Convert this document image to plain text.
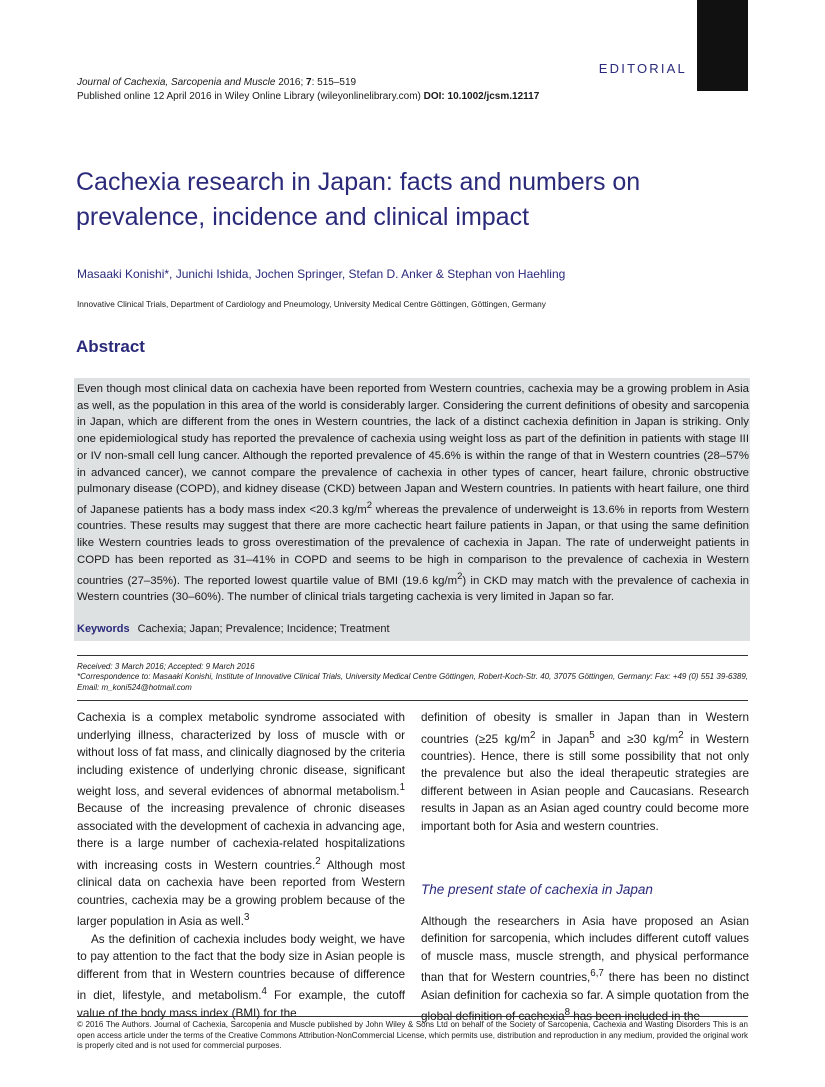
EDITORIAL
Journal of Cachexia, Sarcopenia and Muscle 2016; 7: 515–519
Published online 12 April 2016 in Wiley Online Library (wileyonlinelibrary.com) DOI: 10.1002/jcsm.12117
Cachexia research in Japan: facts and numbers on prevalence, incidence and clinical impact
Masaaki Konishi*, Junichi Ishida, Jochen Springer, Stefan D. Anker & Stephan von Haehling
Innovative Clinical Trials, Department of Cardiology and Pneumology, University Medical Centre Göttingen, Göttingen, Germany
Abstract

Even though most clinical data on cachexia have been reported from Western countries, cachexia may be a growing problem in Asia as well, as the population in this area of the world is considerably larger. Considering the current definitions of obesity and sarcopenia in Japan, which are different from the ones in Western countries, the lack of a distinct cachexia definition in Japan is striking. Only one epidemiological study has reported the prevalence of cachexia using weight loss as part of the definition in patients with stage III or IV non-small cell lung cancer. Although the reported prevalence of 45.6% is within the range of that in Western countries (28–57% in advanced cancer), we cannot compare the prevalence of cachexia in other types of cancer, heart failure, chronic obstructive pulmonary disease (COPD), and kidney disease (CKD) between Japan and Western countries. In patients with heart failure, one third of Japanese patients has a body mass index <20.3 $kg/m^2$ whereas the prevalence of underweight is 13.6% in reports from Western countries. These results may suggest that there are more cachectic heart failure patients in Japan, or that using the same definition like Western countries leads to gross overestimation of the prevalence of cachexia in Japan. The rate of underweight patients in COPD has been reported as 31–41% in COPD and seems to be high in comparison to the prevalence of cachexia in Western countries (27–35%). The reported lowest quartile value of BMI (19.6 $kg/m^2$) in CKD may match with the prevalence of cachexia in Western countries (30–60%). The number of clinical trials targeting cachexia is very limited in Japan so far.

Keywords Cachexia; Japan; Prevalence; Incidence; Treatment
Received: 3 March 2016; Accepted: 9 March 2016

*Correspondence to: Masaaki Konishi, Institute of Innovative Clinical Trials, University Medical Centre Göttingen, Robert-Koch-Str. 40, 37075 Göttingen, Germany: Fax: +49 (0) 551 39-6389, Email: m_koni524@hotmail.com

Cachexia is a complex metabolic syndrome associated with underlying illness, characterized by loss of muscle with or without loss of fat mass, and clinically diagnosed by the criteria including existence of underlying chronic disease, significant weight loss, and several evidences of abnormal metabolism.$^1$ Because of the increasing prevalence of chronic diseases associated with the development of cachexia in advancing age, there is a large number of cachexia-related hospitalizations with increasing costs in Western countries.$^2$ Although most clinical data on cachexia have been reported from Western countries, cachexia may be a growing problem because of the larger population in Asia as well.$^3$

As the definition of cachexia includes body weight, we have to pay attention to the fact that the body size in Asian people is different from that in Western countries because of difference in diet, lifestyle, and metabolism.$^4$ For example, the cutoff value of the body mass index (BMI) for the

definition of obesity is smaller in Japan than in Western countries (≥25 $kg/m^2$ in Japan$^5$ and ≥30 $kg/m^2$ in Western countries). Hence, there is still some possibility that not only the prevalence but also the ideal therapeutic strategies are different between in Asian people and Caucasians. Research results in Japan as an Asian aged country could become more important both for Asia and western countries.

The present state of cachexia in Japan

Although the researchers in Asia have proposed an Asian definition for sarcopenia, which includes different cutoff values of muscle mass, muscle strength, and physical performance than that for Western countries,$^{6,7}$ there has been no distinct Asian definition for cachexia so far. A simple quotation from the global definition of cachexia$^8$ has been included in the

© 2016 The Authors. Journal of Cachexia, Sarcopenia and Muscle published by John Wiley & Sons Ltd on behalf of the Society of Sarcopenia, Cachexia and Wasting Disorders This is an open access article under the terms of the Creative Commons Attribution-NonCommercial License, which permits use, distribution and reproduction in any medium, provided the original work is properly cited and is not used for commercial purposes.
